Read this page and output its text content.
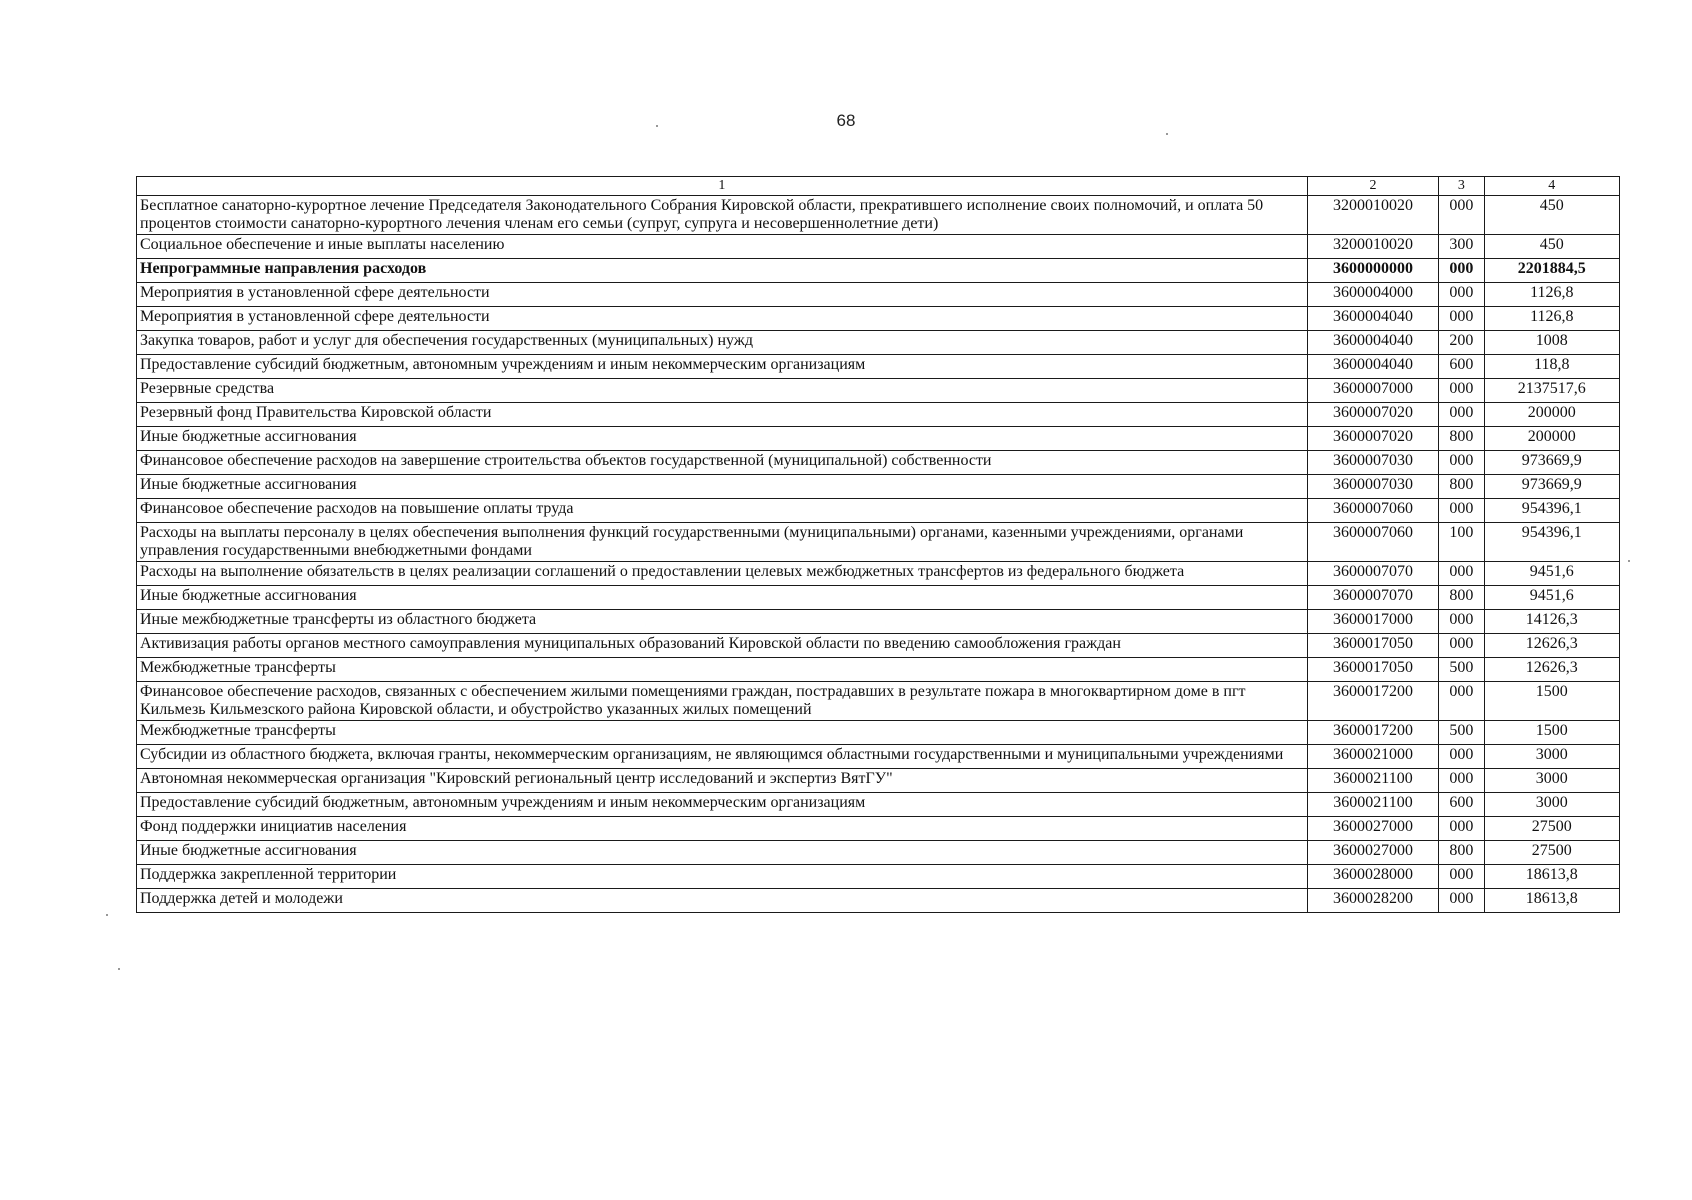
68
1	2	3	4
Бесплатное санаторно-курортное лечение Председателя Законодательного Собрания Кировской области, прекратившего исполнение своих полномочий, и оплата 50 процентов стоимости санаторно-курортного лечения членам его семьи (супруг, супруга и несовершеннолетние дети)	3200010020	000	450
Социальное обеспечение и иные выплаты населению	3200010020	300	450
Непрограммные направления расходов	3600000000	000	2201884,5
Мероприятия в установленной сфере деятельности	3600004000	000	1126,8
Мероприятия в установленной сфере деятельности	3600004040	000	1126,8
Закупка товаров, работ и услуг для обеспечения государственных (муниципальных) нужд	3600004040	200	1008
Предоставление субсидий бюджетным, автономным учреждениям и иным некоммерческим организациям	3600004040	600	118,8
Резервные средства	3600007000	000	2137517,6
Резервный фонд Правительства Кировской области	3600007020	000	200000
Иные бюджетные ассигнования	3600007020	800	200000
Финансовое обеспечение расходов на завершение строительства объектов государственной (муниципальной) собственности	3600007030	000	973669,9
Иные бюджетные ассигнования	3600007030	800	973669,9
Финансовое обеспечение расходов на повышение оплаты труда	3600007060	000	954396,1
Расходы на выплаты персоналу в целях обеспечения выполнения функций государственными (муниципальными) органами, казенными учреждениями, органами управления государственными внебюджетными фондами	3600007060	100	954396,1
Расходы на выполнение обязательств в целях реализации соглашений о предоставлении целевых межбюджетных трансфертов из федерального бюджета	3600007070	000	9451,6
Иные бюджетные ассигнования	3600007070	800	9451,6
Иные межбюджетные трансферты из областного бюджета	3600017000	000	14126,3
Активизация работы органов местного самоуправления муниципальных образований Кировской области по введению самообложения граждан	3600017050	000	12626,3
Межбюджетные трансферты	3600017050	500	12626,3
Финансовое обеспечение расходов, связанных с обеспечением жилыми помещениями граждан, пострадавших в результате пожара в многоквартирном доме в пгт Кильмезь Кильмезского района Кировской области, и обустройство указанных жилых помещений	3600017200	000	1500
Межбюджетные трансферты	3600017200	500	1500
Субсидии из областного бюджета, включая гранты, некоммерческим организациям, не являющимся областными государственными и муниципальными учреждениями	3600021000	000	3000
Автономная некоммерческая организация "Кировский региональный центр исследований и экспертиз ВятГУ"	3600021100	000	3000
Предоставление субсидий бюджетным, автономным учреждениям и иным некоммерческим организациям	3600021100	600	3000
Фонд поддержки инициатив населения	3600027000	000	27500
Иные бюджетные ассигнования	3600027000	800	27500
Поддержка закрепленной территории	3600028000	000	18613,8
Поддержка детей и молодежи	3600028200	000	18613,8
